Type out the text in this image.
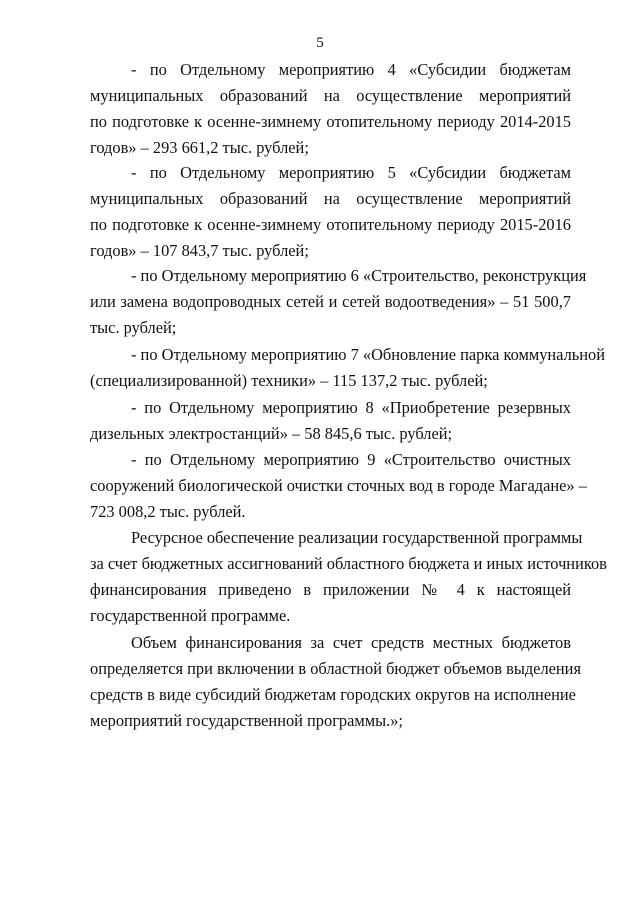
5
- по Отдельному мероприятию 4 «Субсидии бюджетам
муниципальных образований на осуществление мероприятий
по подготовке к осенне-зимнему отопительному периоду 2014-2015
годов» – 293 661,2 тыс. рублей;
- по Отдельному мероприятию 5 «Субсидии бюджетам
муниципальных образований на осуществление мероприятий
по подготовке к осенне-зимнему отопительному периоду 2015-2016
годов» – 107 843,7 тыс. рублей;
- по Отдельному мероприятию 6 «Строительство, реконструкция
или замена водопроводных сетей и сетей водоотведения» – 51 500,7
тыс. рублей;
- по Отдельному мероприятию 7 «Обновление парка коммунальной
(специализированной) техники» – 115 137,2 тыс. рублей;
- по Отдельному мероприятию 8 «Приобретение резервных
дизельных электростанций» – 58 845,6 тыс. рублей;
- по Отдельному мероприятию 9 «Строительство очистных
сооружений биологической очистки сточных вод в городе Магадане» –
723 008,2 тыс. рублей.
Ресурсное обеспечение реализации государственной программы
за счет бюджетных ассигнований областного бюджета и иных источников
финансирования приведено в приложении № 4 к настоящей
государственной программе.
Объем финансирования за счет средств местных бюджетов
определяется при включении в областной бюджет объемов выделения
средств в виде субсидий бюджетам городских округов на исполнение
мероприятий государственной программы.»;
